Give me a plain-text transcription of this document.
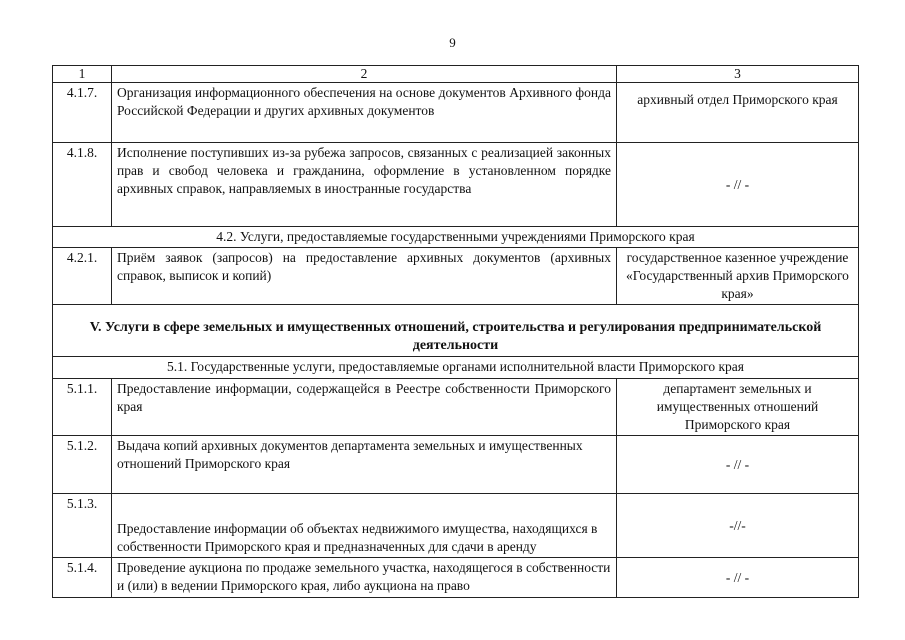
9
1	2	3
4.1.7.	Организация информационного обеспечения на основе документов Архивного фонда Российской Федерации и других архивных документов	архивный отдел Приморского края
4.1.8.	Исполнение поступивших из-за рубежа запросов, связанных с реализацией законных прав и свобод человека и гражданина, оформление в установленном порядке архивных справок, направляемых в иностранные государства	- // -
4.2. Услуги, предоставляемые государственными учреждениями Приморского края		
4.2.1.	Приём заявок (запросов) на предоставление архивных документов (архивных справок, выписок и копий)	государственное казенное учреждение «Государственный архив Приморского края»
V. Услуги в сфере земельных и имущественных отношений, строительства и регулирования предпринимательской деятельности		
5.1. Государственные услуги, предоставляемые органами исполнительной власти Приморского края		
5.1.1.	Предоставление информации, содержащейся в Реестре собственности Приморского края	департамент земельных и имущественных отношений Приморского края
5.1.2.	Выдача копий архивных документов департамента земельных и имущественных отношений Приморского края	- // -
5.1.3.	Предоставление информации об объектах недвижимого имущества, находящихся в собственности Приморского края и предназначенных для сдачи в аренду	-//-
5.1.4.	Проведение аукциона по продаже земельного участка, находящегося в собственности и (или) в ведении Приморского края, либо аукциона на право	- // -
